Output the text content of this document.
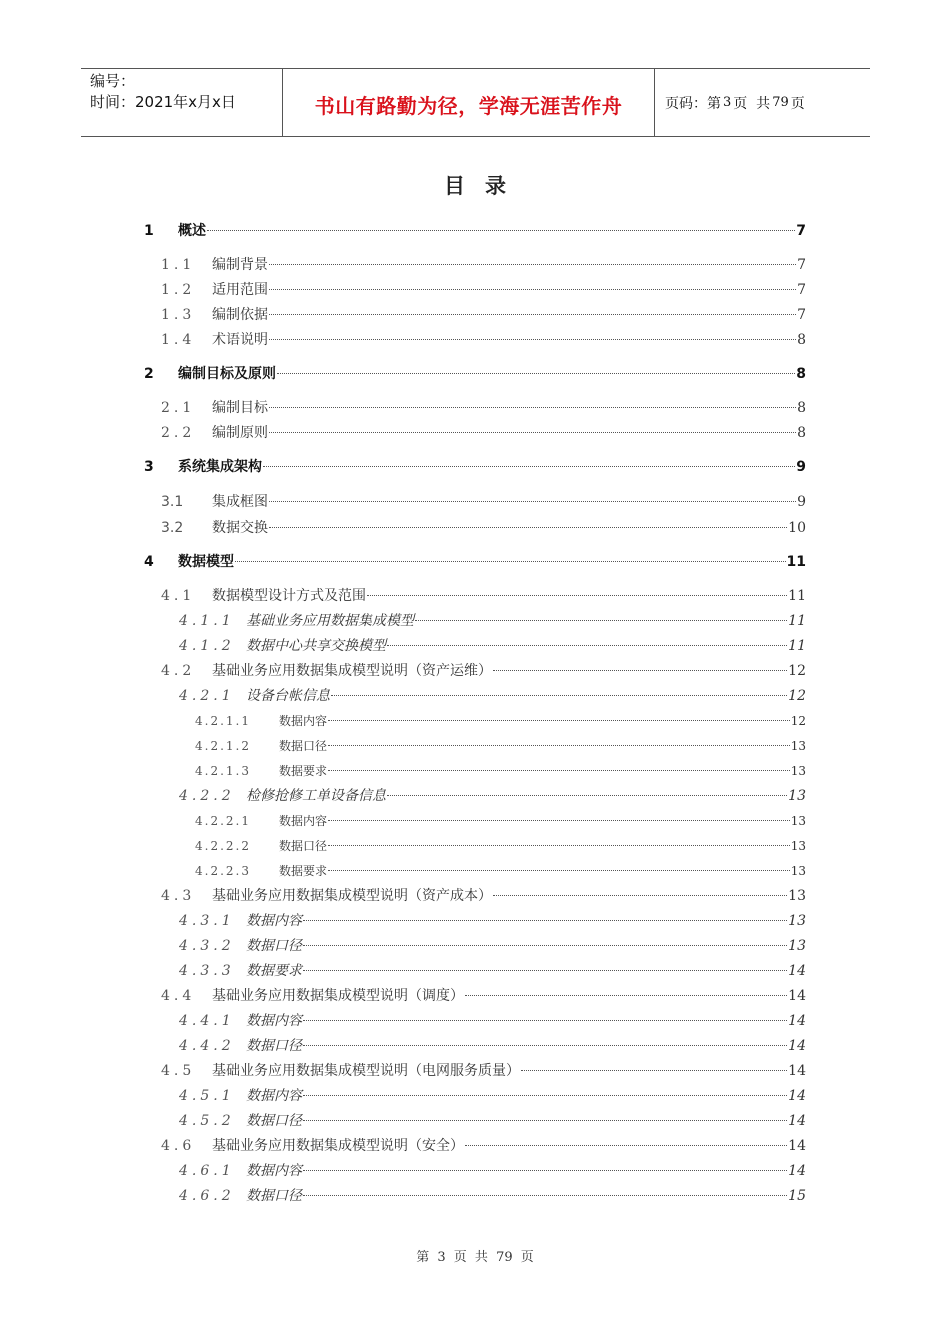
编号：
时间：2021年x月x日	书山有路勤为径，学海无涯苦作舟	页码：第 3 页  共 79 页
目录
1 概述	7
1.1 编制背景	7
1.2 适用范围	7
1.3 编制依据	7
1.4 术语说明	8
2 编制目标及原则	8
2.1 编制目标	8
2.2 编制原则	8
3 系统集成架构	9
3.1 集成框图	9
3.2 数据交换	10
4 数据模型	11
4.1 数据模型设计方式及范围	11
4.1.1 基础业务应用数据集成模型	11
4.1.2 数据中心共享交换模型	11
4.2 基础业务应用数据集成模型说明（资产运维）	12
4.2.1 设备台帐信息	12
4.2.1.1 数据内容	12
4.2.1.2 数据口径	13
4.2.1.3 数据要求	13
4.2.2 检修抢修工单设备信息	13
4.2.2.1 数据内容	13
4.2.2.2 数据口径	13
4.2.2.3 数据要求	13
4.3 基础业务应用数据集成模型说明（资产成本）	13
4.3.1 数据内容	13
4.3.2 数据口径	13
4.3.3 数据要求	14
4.4 基础业务应用数据集成模型说明（调度）	14
4.4.1 数据内容	14
4.4.2 数据口径	14
4.5 基础业务应用数据集成模型说明（电网服务质量）	14
4.5.1 数据内容	14
4.5.2 数据口径	14
4.6 基础业务应用数据集成模型说明（安全）	14
4.6.1 数据内容	14
4.6.2 数据口径	15
第 3 页 共 79 页
